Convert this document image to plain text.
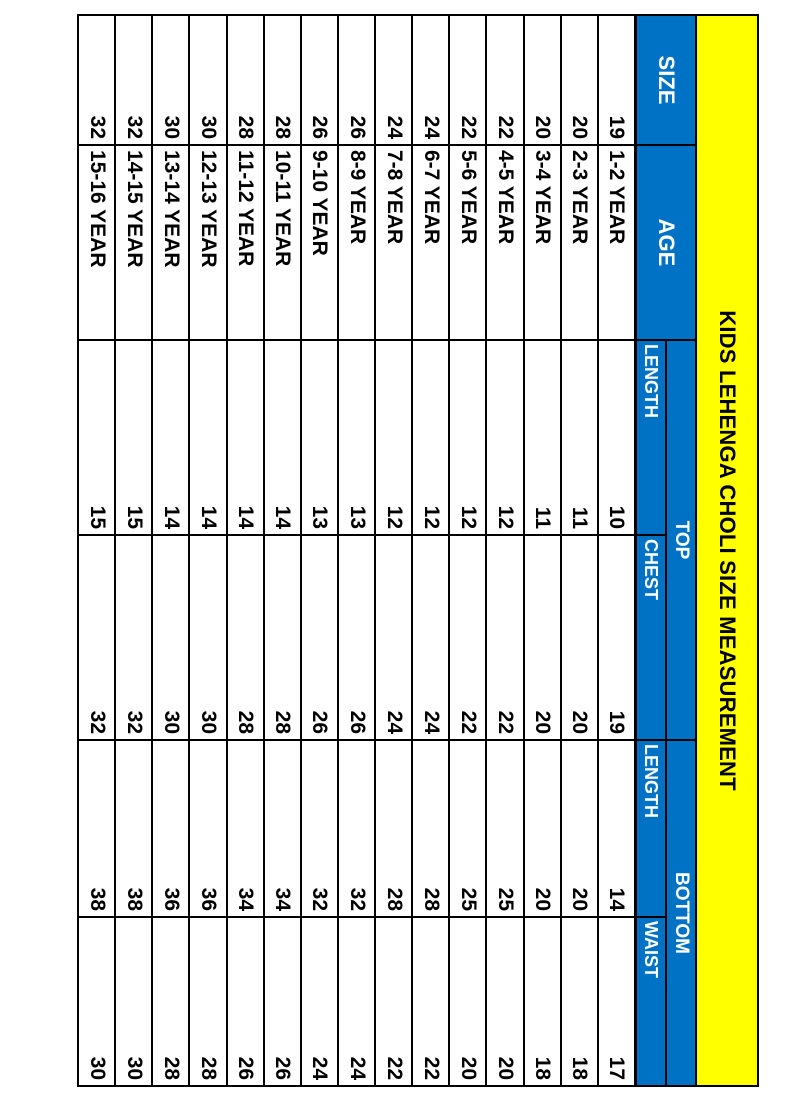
KIDS LEHENGA CHOLI SIZE MEASUREMENT					
SIZE	AGE	TOP		BOTTOM	
		LENGTH	CHEST	LENGTH	WAIST
19	1-2 YEAR	10	19	14	17
20	2-3 YEAR	11	20	20	18
20	3-4 YEAR	11	20	20	18
22	4-5 YEAR	12	22	25	20
22	5-6 YEAR	12	22	25	20
24	6-7 YEAR	12	24	28	22
24	7-8 YEAR	12	24	28	22
26	8-9 YEAR	13	26	32	24
26	9-10 YEAR	13	26	32	24
28	10-11 YEAR	14	28	34	26
28	11-12 YEAR	14	28	34	26
30	12-13 YEAR	14	30	36	28
30	13-14 YEAR	14	30	36	28
32	14-15 YEAR	15	32	38	30
32	15-16 YEAR	15	32	38	30
